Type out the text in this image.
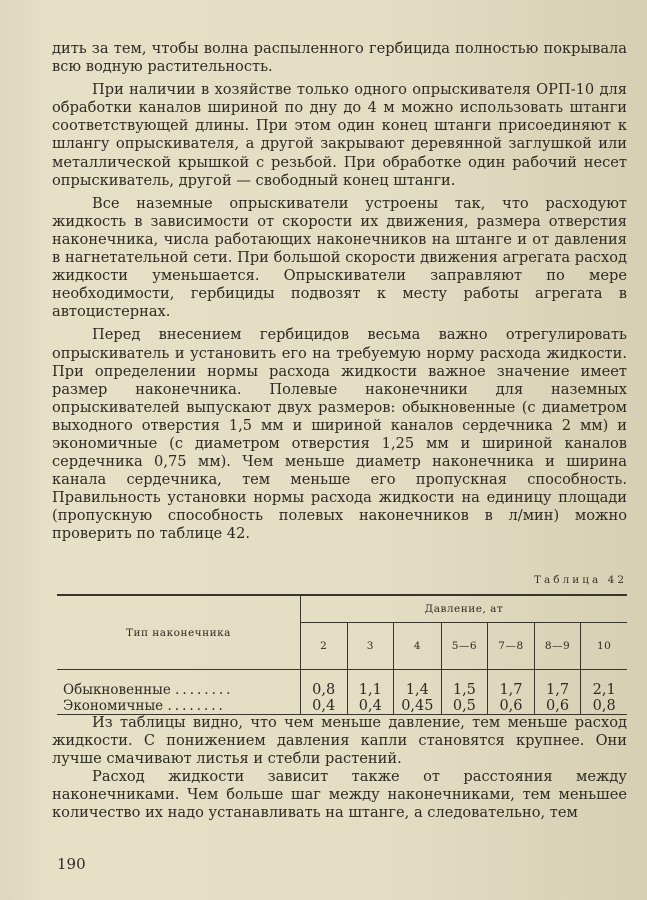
дить за тем, чтобы волна распыленного гербицида полностью покрывала всю водную растительность.

При наличии в хозяйстве только одного опрыскивателя ОРП-10 для обработки каналов шириной по дну до 4 м можно использовать штанги соответствующей длины. При этом один конец штанги присоединяют к шлангу опрыскивателя, а другой закрывают деревянной заглушкой или металлической крышкой с резьбой. При обработке один рабочий несет опрыскиватель, другой — свободный конец штанги.

Все наземные опрыскиватели устроены так, что расходуют жидкость в зависимости от скорости их движения, размера отверстия наконечника, числа работающих наконечников на штанге и от давления в нагнетательной сети. При большой скорости движения агрегата расход жидкости уменьшается. Опрыскиватели заправляют по мере необходимости, гербициды подвозят к месту работы агрегата в автоцистернах.

Перед внесением гербицидов весьма важно отрегулировать опрыскиватель и установить его на требуемую норму расхода жидкости. При определении нормы расхода жидкости важное значение имеет размер наконечника. Полевые наконечники для наземных опрыскивателей выпускают двух размеров: обыкновенные (с диаметром выходного отверстия 1,5 мм и шириной каналов сердечника 2 мм) и экономичные (с диаметром отверстия 1,25 мм и шириной каналов сердечника 0,75 мм). Чем меньше диаметр наконечника и ширина канала сердечника, тем меньше его пропускная способность. Правильность установки нормы расхода жидкости на единицу площади (пропускную способность полевых наконечников в л/мин) можно проверить по таблице 42.

Таблица 42
Тип наконечника	Давление, ат						
	2	3	4	5—6	7—8	8—9	10
Обыкновенные ........	0,8	1,1	1,4	1,5	1,7	1,7	2,1
Экономичные ........	0,4	0,4	0,45	0,5	0,6	0,6	0,8

Из таблицы видно, что чем меньше давление, тем меньше расход жидкости. С понижением давления капли становятся крупнее. Они лучше смачивают листья и стебли растений.

Расход жидкости зависит также от расстояния между наконечниками. Чем больше шаг между наконечниками, тем меньшее количество их надо устанавливать на штанге, а следовательно, тем

190
